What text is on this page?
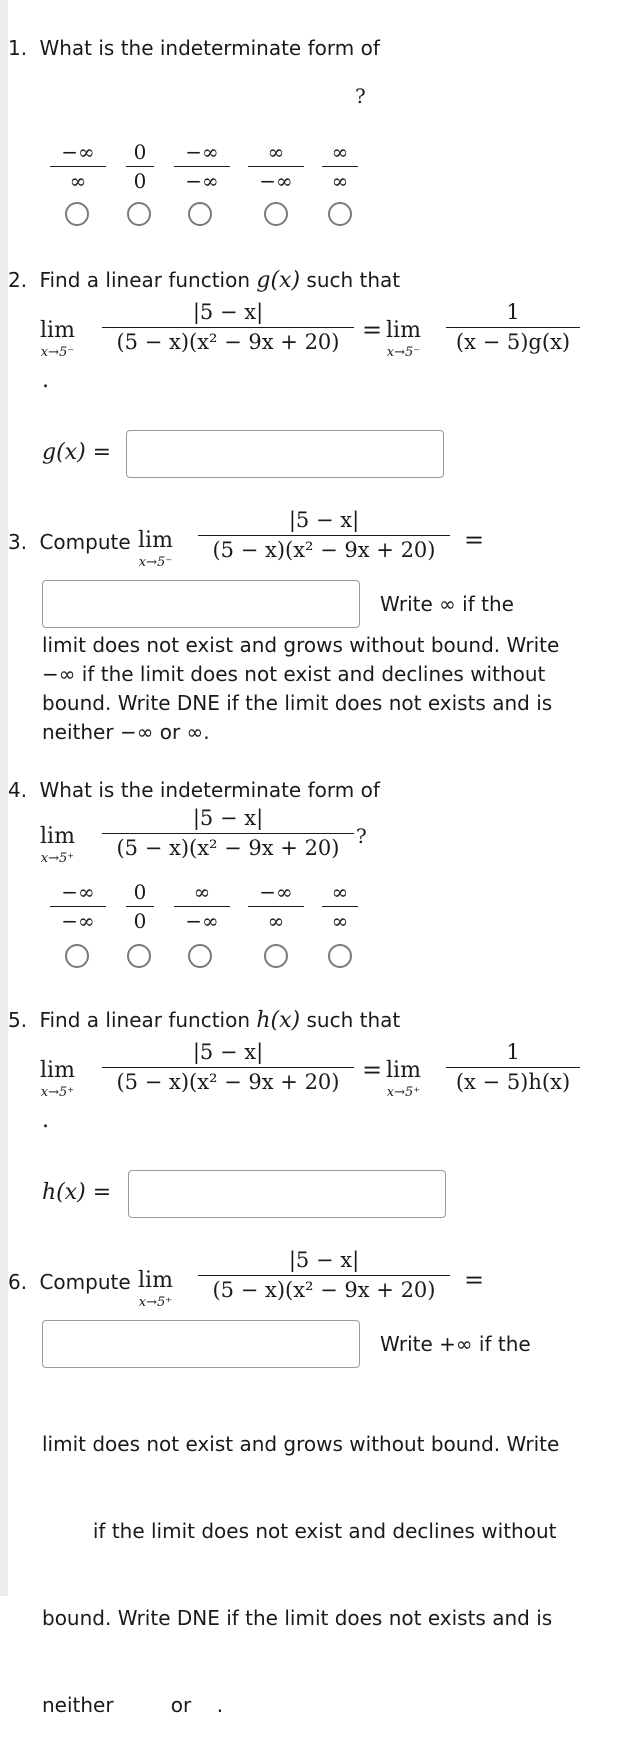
1. What is the indeterminate form of
?
−∞
∞
0
0
−∞
−∞
∞
−∞
∞
∞
2. Find a linear function g(x) such that
lim
x→5⁻
|5 − x|
(5 − x)(x² − 9x + 20) = lim
x→5⁻
1
(x − 5)g(x)
.
g(x) =
3. Compute lim
x→5⁻
|5 − x|
(5 − x)(x² − 9x + 20) =
Write ∞ if the
limit does not exist and grows without bound. Write
−∞ if the limit does not exist and declines without
bound. Write DNE if the limit does not exists and is
neither −∞ or ∞.
4. What is the indeterminate form of
lim
x→5⁺
|5 − x|
(5 − x)(x² − 9x + 20) ?
−∞
−∞
0
0
∞
−∞
−∞
∞
∞
∞
5. Find a linear function h(x) such that
lim
x→5⁺
|5 − x|
(5 − x)(x² − 9x + 20) = lim
x→5⁺
1
(x − 5)h(x)
.
h(x) =
6. Compute lim
x→5⁺
|5 − x|
(5 − x)(x² − 9x + 20) =
Write +∞ if the

limit does not exist and grows without bound. Write

if the limit does not exist and declines without

bound. Write DNE if the limit does not exists and is

neither         or    .
